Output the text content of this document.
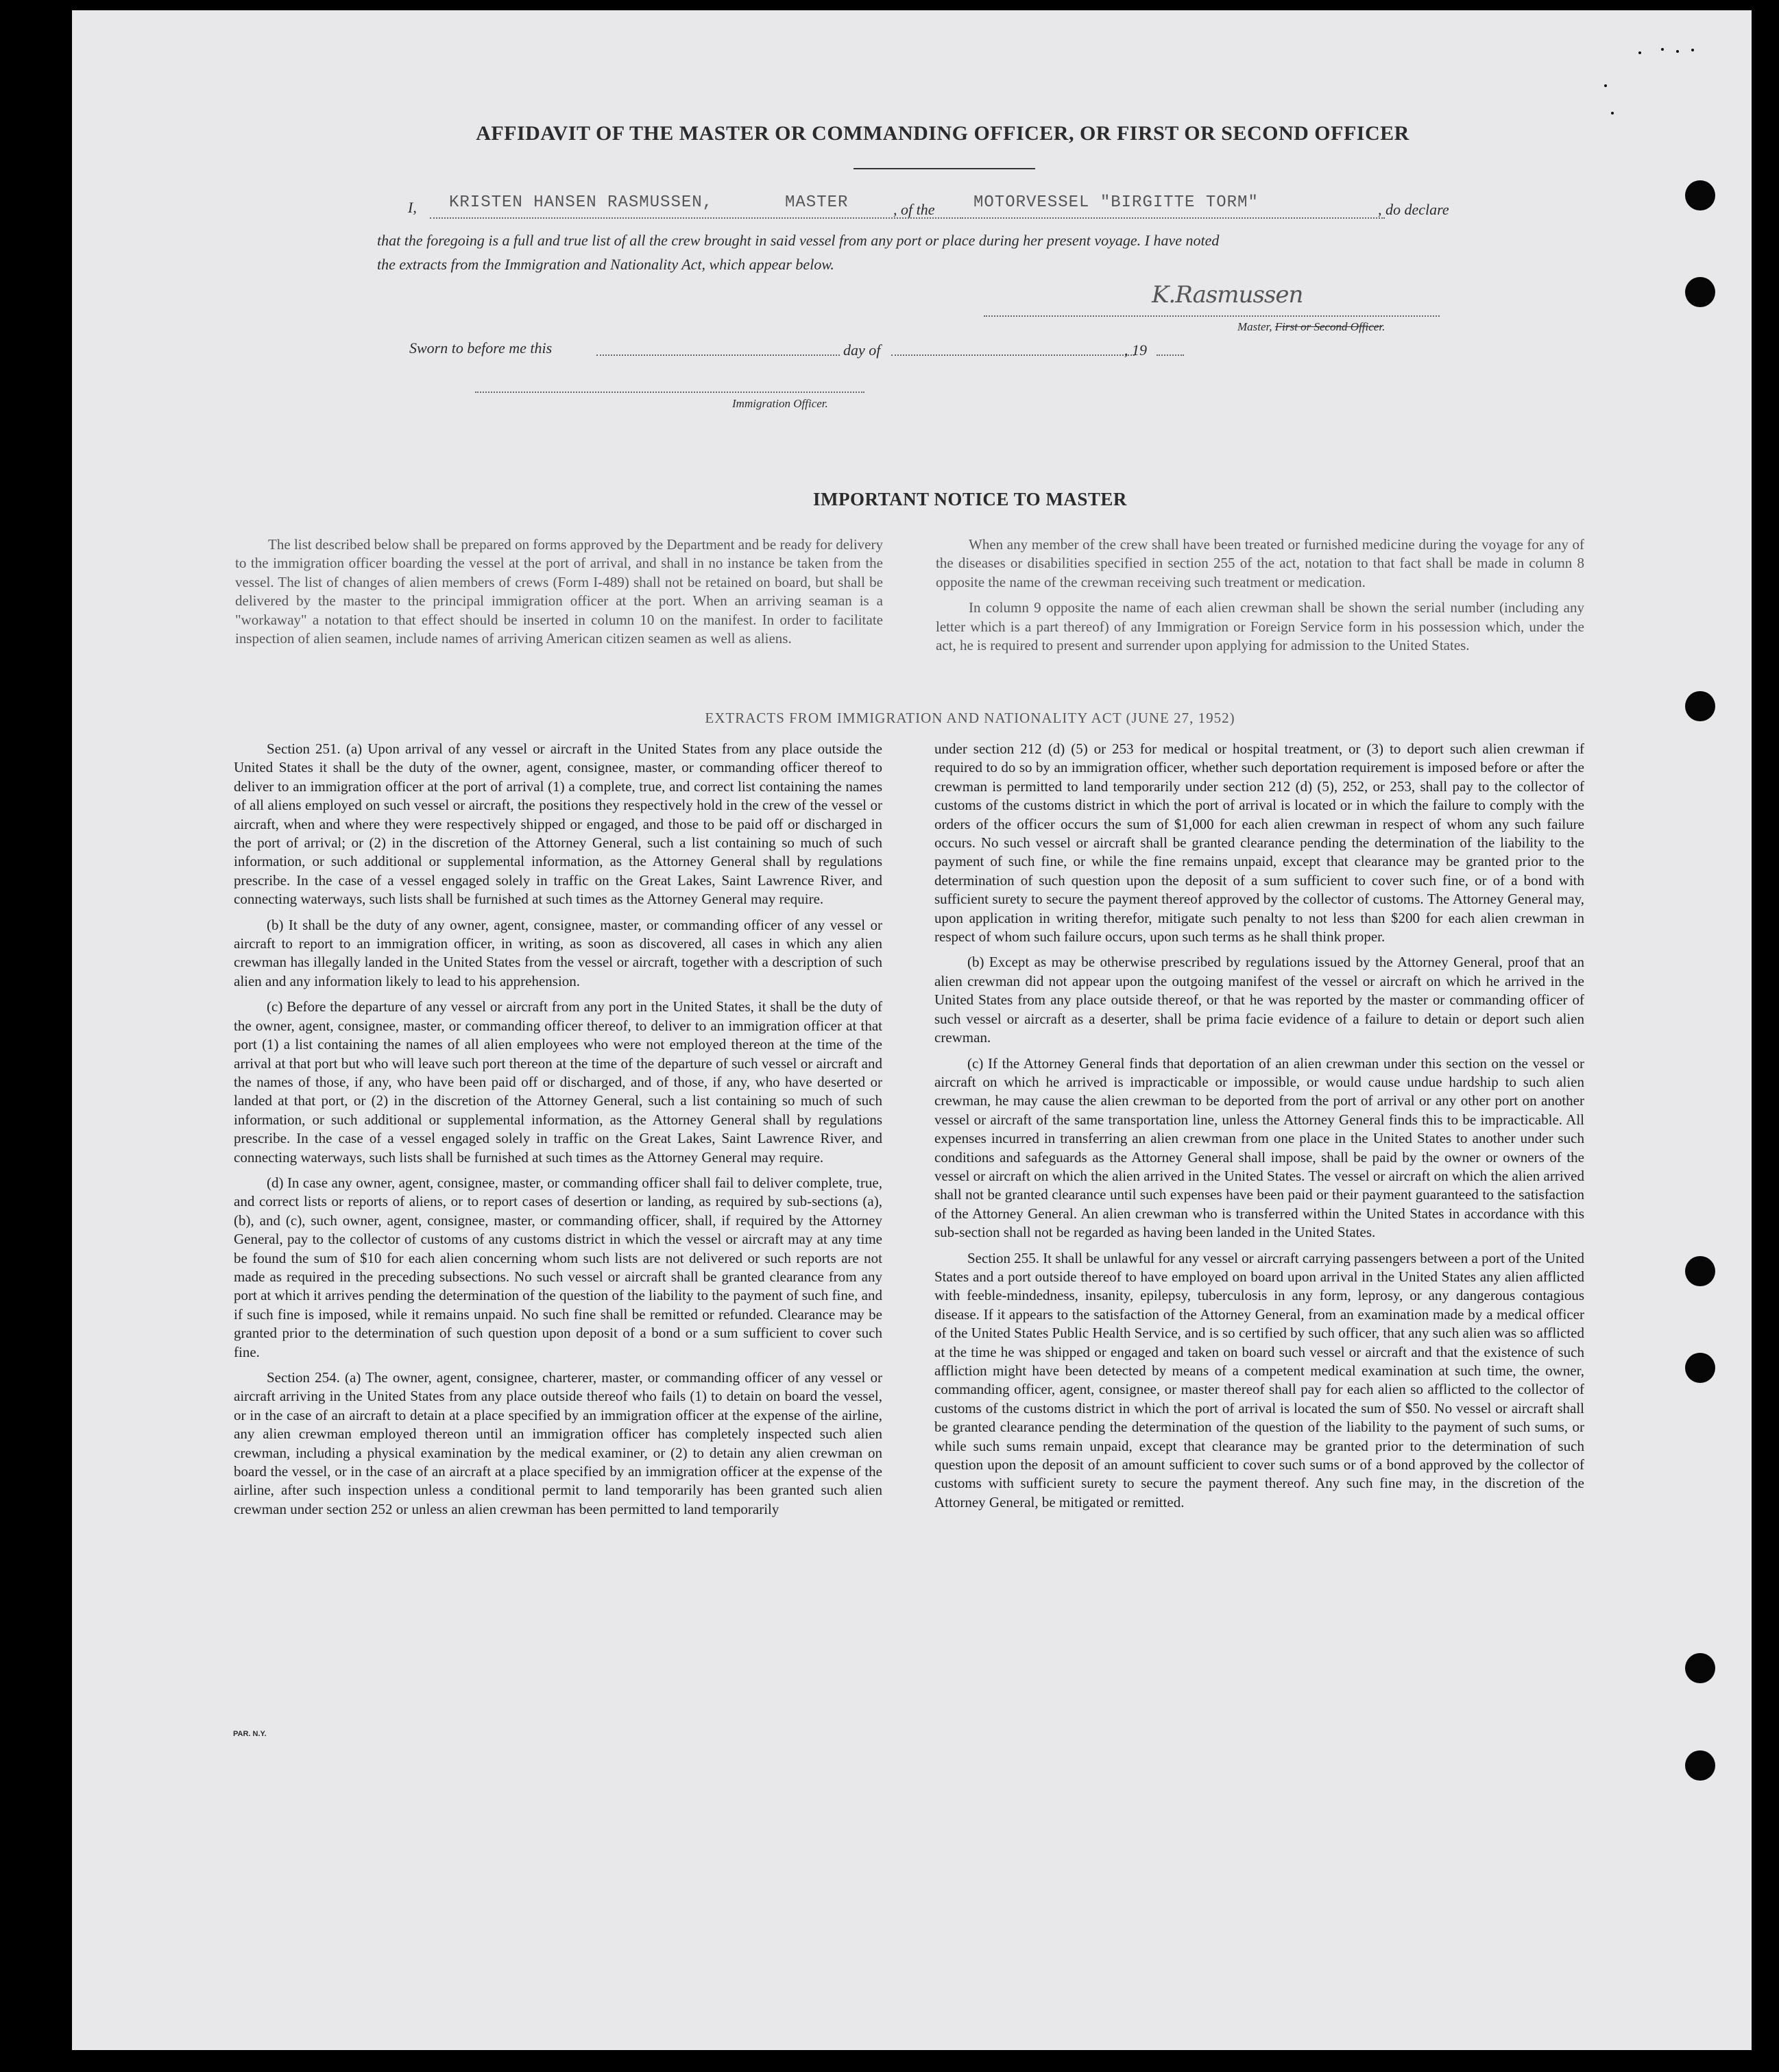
AFFIDAVIT OF THE MASTER OR COMMANDING OFFICER, OR FIRST OR SECOND OFFICER
I, KRISTEN HANSEN RASMUSSEN,	MASTER	, of the MOTORVESSEL "BIRGITTE TORM"	, do declare
that the foregoing is a full and true list of all the crew brought in said vessel from any port or place during her present voyage. I have noted
the extracts from the Immigration and Nationality Act, which appear below.
K.Rasmussen
Master, First or Second Officer.
Sworn to before me this	day of	, 19
Immigration Officer.
IMPORTANT NOTICE TO MASTER

The list described below shall be prepared on forms approved by the Department and be ready for delivery to the immigration officer boarding the vessel at the port of arrival, and shall in no instance be taken from the vessel. The list of changes of alien members of crews (Form I-489) shall not be retained on board, but shall be delivered by the master to the principal immigration officer at the port. When an arriving seaman is a "workaway" a notation to that effect should be inserted in column 10 on the manifest. In order to facilitate inspection of alien seamen, include names of arriving American citizen seamen as well as aliens.

When any member of the crew shall have been treated or furnished medicine during the voyage for any of the diseases or disabilities specified in section 255 of the act, notation to that fact shall be made in column 8 opposite the name of the crewman receiving such treatment or medication.

In column 9 opposite the name of each alien crewman shall be shown the serial number (including any letter which is a part thereof) of any Immigration or Foreign Service form in his possession which, under the act, he is required to present and surrender upon applying for admission to the United States.

EXTRACTS FROM IMMIGRATION AND NATIONALITY ACT (JUNE 27, 1952)

Section 251. (a) Upon arrival of any vessel or aircraft in the United States from any place outside the United States it shall be the duty of the owner, agent, consignee, master, or commanding officer thereof to deliver to an immigration officer at the port of arrival (1) a complete, true, and correct list containing the names of all aliens employed on such vessel or aircraft, the positions they respectively hold in the crew of the vessel or aircraft, when and where they were respectively shipped or engaged, and those to be paid off or discharged in the port of arrival; or (2) in the discretion of the Attorney General, such a list containing so much of such information, or such additional or supplemental information, as the Attorney General shall by regulations prescribe. In the case of a vessel engaged solely in traffic on the Great Lakes, Saint Lawrence River, and connecting waterways, such lists shall be furnished at such times as the Attorney General may require.

(b) It shall be the duty of any owner, agent, consignee, master, or commanding officer of any vessel or aircraft to report to an immigration officer, in writing, as soon as discovered, all cases in which any alien crewman has illegally landed in the United States from the vessel or aircraft, together with a description of such alien and any information likely to lead to his apprehension.

(c) Before the departure of any vessel or aircraft from any port in the United States, it shall be the duty of the owner, agent, consignee, master, or commanding officer thereof, to deliver to an immigration officer at that port (1) a list containing the names of all alien employees who were not employed thereon at the time of the arrival at that port but who will leave such port thereon at the time of the departure of such vessel or aircraft and the names of those, if any, who have been paid off or discharged, and of those, if any, who have deserted or landed at that port, or (2) in the discretion of the Attorney General, such a list containing so much of such information, or such additional or supplemental information, as the Attorney General shall by regulations prescribe. In the case of a vessel engaged solely in traffic on the Great Lakes, Saint Lawrence River, and connecting waterways, such lists shall be furnished at such times as the Attorney General may require.

(d) In case any owner, agent, consignee, master, or commanding officer shall fail to deliver complete, true, and correct lists or reports of aliens, or to report cases of desertion or landing, as required by sub-sections (a), (b), and (c), such owner, agent, consignee, master, or commanding officer, shall, if required by the Attorney General, pay to the collector of customs of any customs district in which the vessel or aircraft may at any time be found the sum of $10 for each alien concerning whom such lists are not delivered or such reports are not made as required in the preceding subsections. No such vessel or aircraft shall be granted clearance from any port at which it arrives pending the determination of the question of the liability to the payment of such fine, and if such fine is imposed, while it remains unpaid. No such fine shall be remitted or refunded. Clearance may be granted prior to the determination of such question upon deposit of a bond or a sum sufficient to cover such fine.

Section 254. (a) The owner, agent, consignee, charterer, master, or commanding officer of any vessel or aircraft arriving in the United States from any place outside thereof who fails (1) to detain on board the vessel, or in the case of an aircraft to detain at a place specified by an immigration officer at the expense of the airline, any alien crewman employed thereon until an immigration officer has completely inspected such alien crewman, including a physical examination by the medical examiner, or (2) to detain any alien crewman on board the vessel, or in the case of an aircraft at a place specified by an immigration officer at the expense of the airline, after such inspection unless a conditional permit to land temporarily has been granted such alien crewman under section 252 or unless an alien crewman has been permitted to land temporarily

under section 212 (d) (5) or 253 for medical or hospital treatment, or (3) to deport such alien crewman if required to do so by an immigration officer, whether such deportation requirement is imposed before or after the crewman is permitted to land temporarily under section 212 (d) (5), 252, or 253, shall pay to the collector of customs of the customs district in which the port of arrival is located or in which the failure to comply with the orders of the officer occurs the sum of $1,000 for each alien crewman in respect of whom any such failure occurs. No such vessel or aircraft shall be granted clearance pending the determination of the liability to the payment of such fine, or while the fine remains unpaid, except that clearance may be granted prior to the determination of such question upon the deposit of a sum sufficient to cover such fine, or of a bond with sufficient surety to secure the payment thereof approved by the collector of customs. The Attorney General may, upon application in writing therefor, mitigate such penalty to not less than $200 for each alien crewman in respect of whom such failure occurs, upon such terms as he shall think proper.

(b) Except as may be otherwise prescribed by regulations issued by the Attorney General, proof that an alien crewman did not appear upon the outgoing manifest of the vessel or aircraft on which he arrived in the United States from any place outside thereof, or that he was reported by the master or commanding officer of such vessel or aircraft as a deserter, shall be prima facie evidence of a failure to detain or deport such alien crewman.

(c) If the Attorney General finds that deportation of an alien crewman under this section on the vessel or aircraft on which he arrived is impracticable or impossible, or would cause undue hardship to such alien crewman, he may cause the alien crewman to be deported from the port of arrival or any other port on another vessel or aircraft of the same transportation line, unless the Attorney General finds this to be impracticable. All expenses incurred in transferring an alien crewman from one place in the United States to another under such conditions and safeguards as the Attorney General shall impose, shall be paid by the owner or owners of the vessel or aircraft on which the alien arrived in the United States. The vessel or aircraft on which the alien arrived shall not be granted clearance until such expenses have been paid or their payment guaranteed to the satisfaction of the Attorney General. An alien crewman who is transferred within the United States in accordance with this sub-section shall not be regarded as having been landed in the United States.

Section 255. It shall be unlawful for any vessel or aircraft carrying passengers between a port of the United States and a port outside thereof to have employed on board upon arrival in the United States any alien afflicted with feeble-mindedness, insanity, epilepsy, tuberculosis in any form, leprosy, or any dangerous contagious disease. If it appears to the satisfaction of the Attorney General, from an examination made by a medical officer of the United States Public Health Service, and is so certified by such officer, that any such alien was so afflicted at the time he was shipped or engaged and taken on board such vessel or aircraft and that the existence of such affliction might have been detected by means of a competent medical examination at such time, the owner, commanding officer, agent, consignee, or master thereof shall pay for each alien so afflicted to the collector of customs of the customs district in which the port of arrival is located the sum of $50. No vessel or aircraft shall be granted clearance pending the determination of the question of the liability to the payment of such sums, or while such sums remain unpaid, except that clearance may be granted prior to the determination of such question upon the deposit of an amount sufficient to cover such sums or of a bond approved by the collector of customs with sufficient surety to secure the payment thereof. Any such fine may, in the discretion of the Attorney General, be mitigated or remitted.

PAR. N.Y.
